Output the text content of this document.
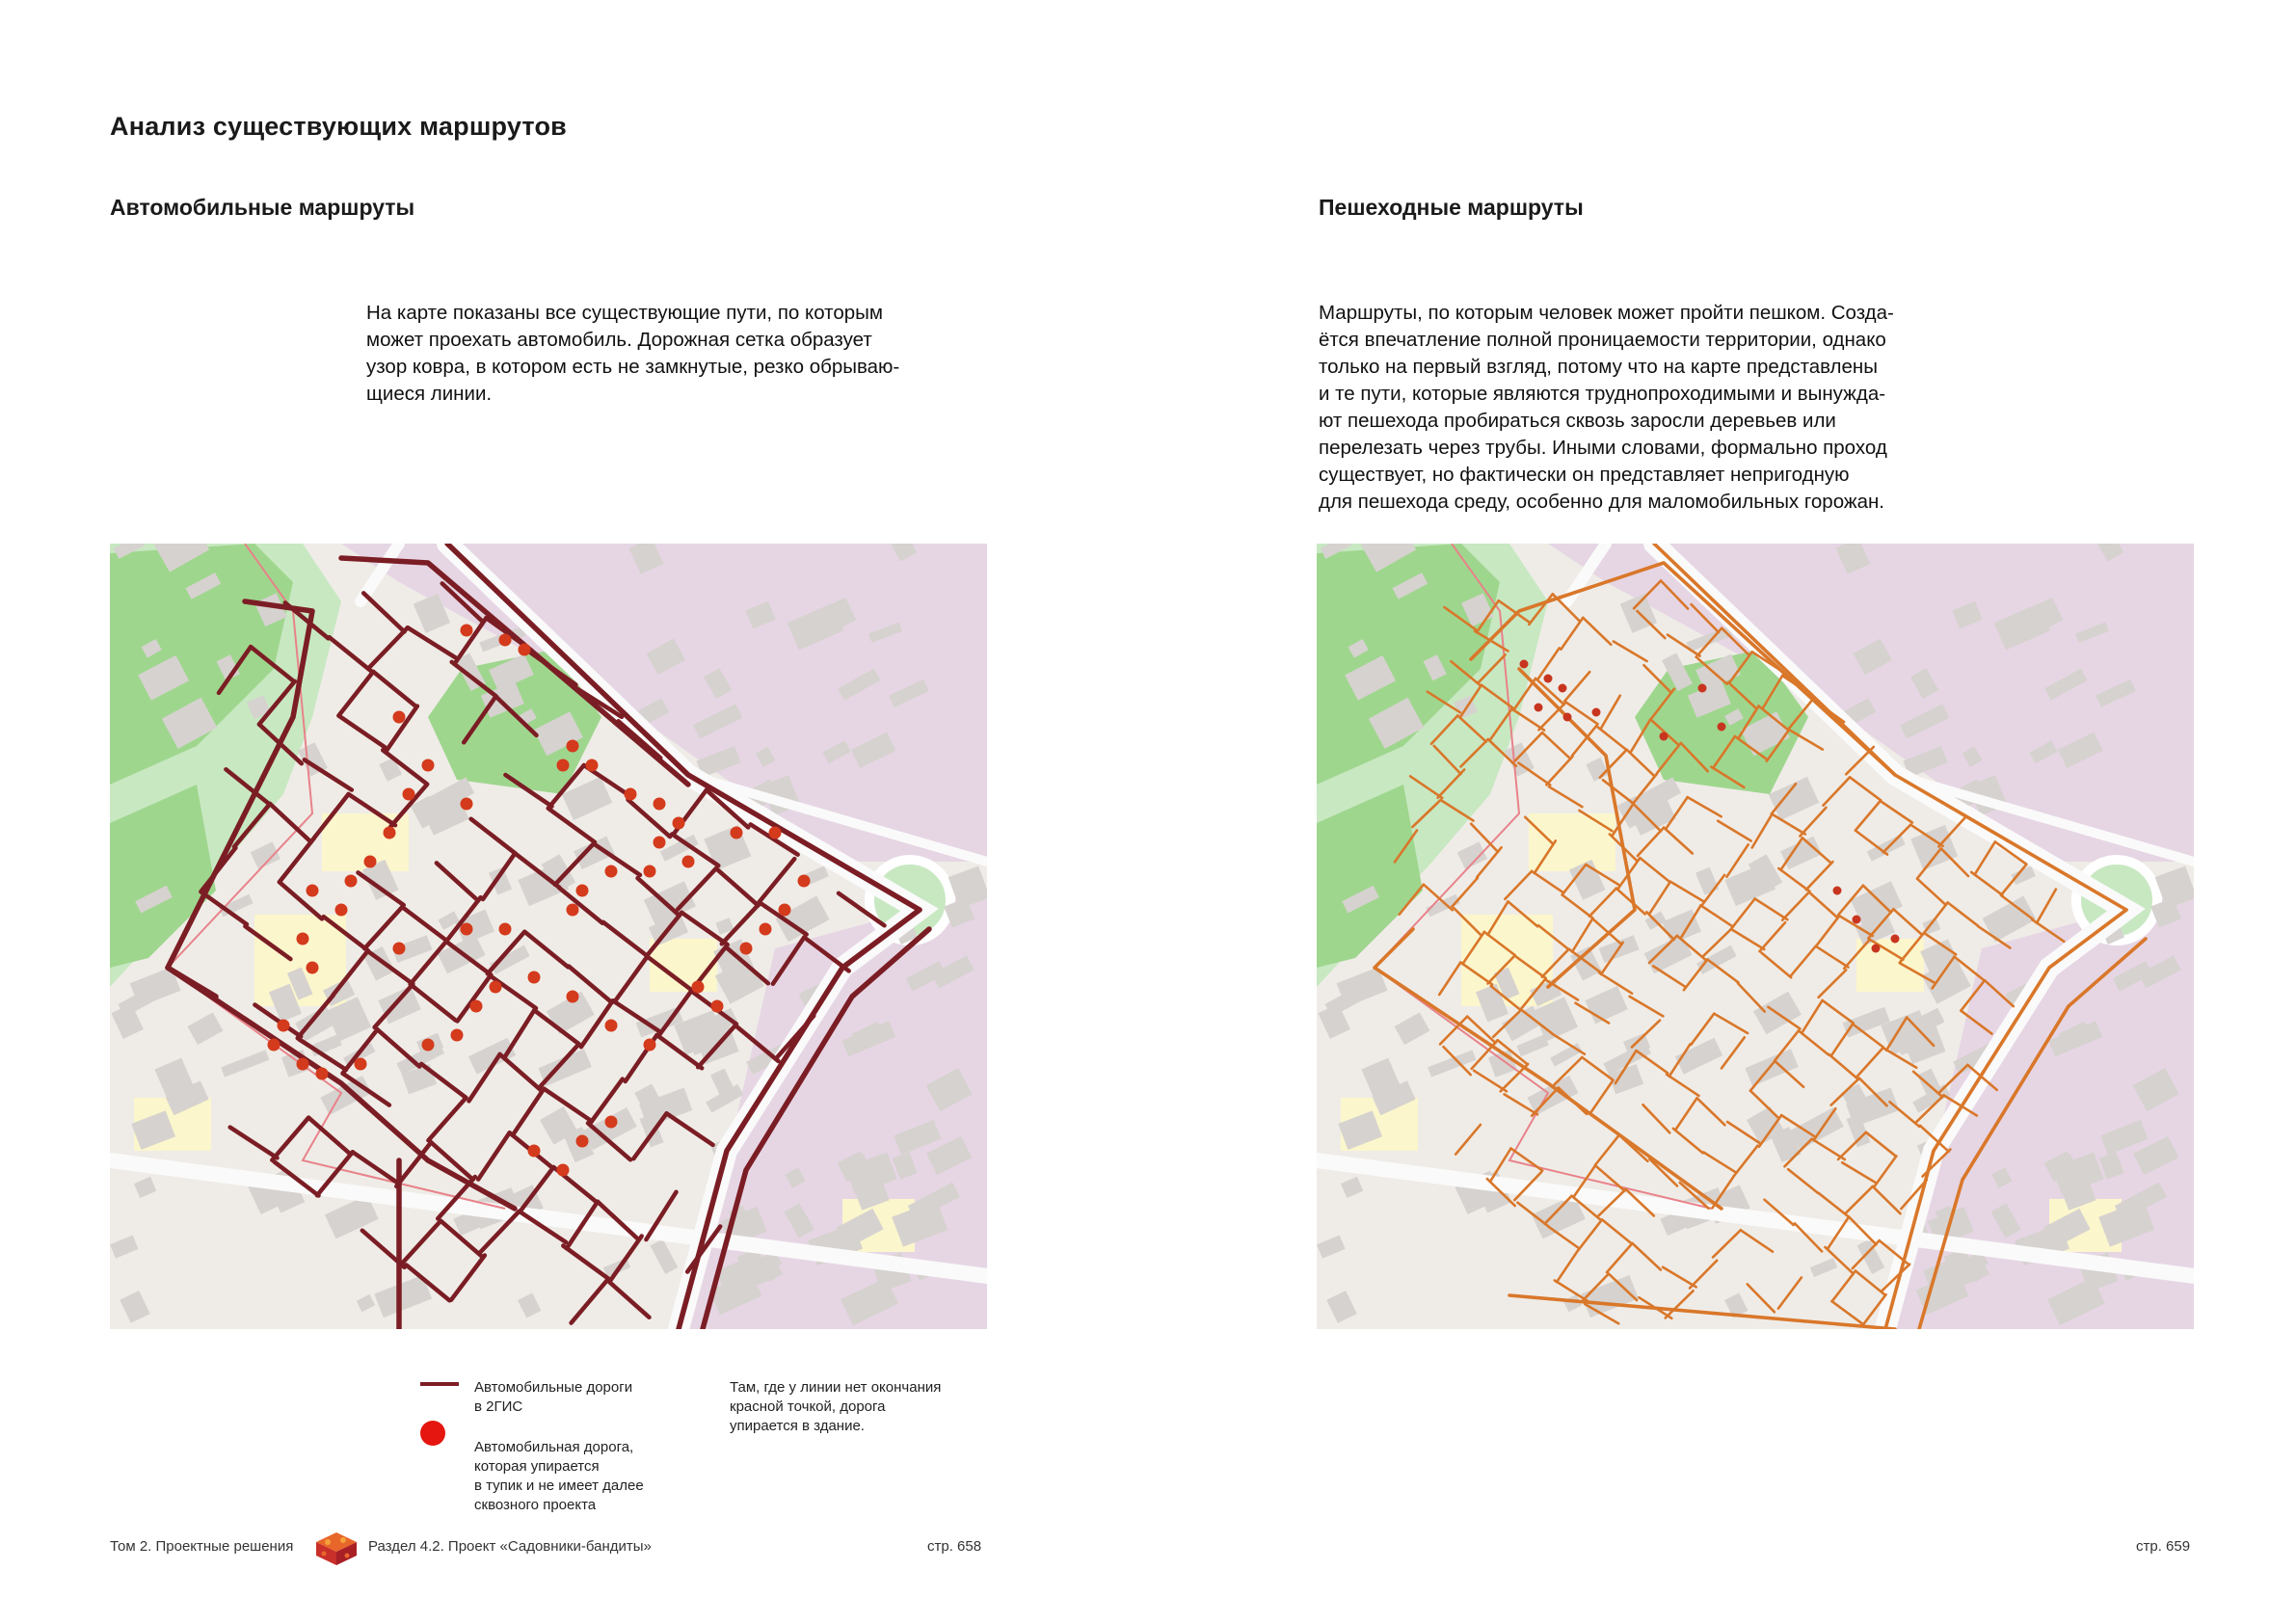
Анализ существующих маршрутов
Автомобильные маршруты
На карте показаны все существующие пути, по которым
может проехать автомобиль. Дорожная сетка образует
узор ковра, в котором есть не замкнутые, резко обрываю-
щиеся линии.
Пешеходные маршруты
Маршруты, по которым человек может пройти пешком. Созда-
ётся впечатление полной проницаемости территории, однако
только на первый взгляд, потому что на карте представлены
и те пути, которые являются труднопроходимыми и вынужда-
ют пешехода пробираться сквозь заросли деревьев или
перелезать через трубы. Иными словами, формально проход
существует, но фактически он представляет непригодную
для пешехода среду, особенно для маломобильных горожан.
Автомобильные дороги
в 2ГИС
Автомобильная дорога,
которая упирается
в тупик и не имеет далее
сквозного проекта
Там, где у линии нет окончания
красной точкой, дорога
упирается в здание.
Том 2. Проектные решения	Раздел 4.2. Проект «Садовники-бандиты»	стр. 658	стр. 659
